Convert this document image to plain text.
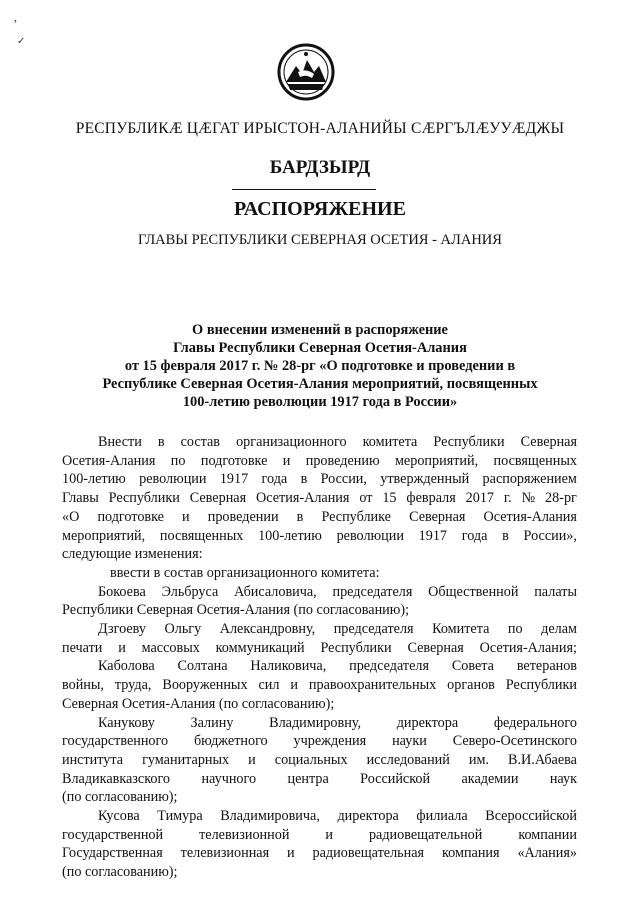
,
✓
РЕСПУБЛИКÆ ЦÆГАТ ИРЫСТОН-АЛАНИЙЫ СÆРГЪЛÆУУÆДЖЫ
БАРДЗЫРД
РАСПОРЯЖЕНИЕ
ГЛАВЫ РЕСПУБЛИКИ СЕВЕРНАЯ ОСЕТИЯ - АЛАНИЯ
О внесении изменений в распоряжение
Главы Республики Северная Осетия-Алания
от 15 февраля 2017 г. № 28-рг «О подготовке и проведении в
Республике Северная Осетия-Алания мероприятий, посвященных
100-летию революции 1917 года в России»
Внести в состав организационного комитета Республики Северная
Осетия-Алания по подготовке и проведению мероприятий, посвященных
100-летию революции 1917 года в России, утвержденный распоряжением
Главы Республики Северная Осетия-Алания от 15 февраля 2017 г. № 28-рг
«О подготовке и проведении в Республике Северная Осетия-Алания
мероприятий, посвященных 100-летию революции 1917 года в России»,
следующие изменения:
ввести в состав организационного комитета:
Бокоева Эльбруса Абисаловича, председателя Общественной палаты
Республики Северная Осетия-Алания (по согласованию);
Дзгоеву Ольгу Александровну, председателя Комитета по делам
печати и массовых коммуникаций Республики Северная Осетия-Алания;
Каболова Солтана Наликовича, председателя Совета ветеранов
войны, труда, Вооруженных сил и правоохранительных органов Республики
Северная Осетия-Алания (по согласованию);
Канукову	Залину	Владимировну,	директора	федерального
государственного бюджетного учреждения науки Северо-Осетинского
института гуманитарных и социальных исследований им. В.И.Абаева
Владикавказского научного центра Российской академии наук
(по согласованию);
Кусова Тимура Владимировича, директора филиала Всероссийской
государственной	телевизионной	и	радиовещательной	компании
Государственная телевизионная и радиовещательная компания «Алания»
(по согласованию);
